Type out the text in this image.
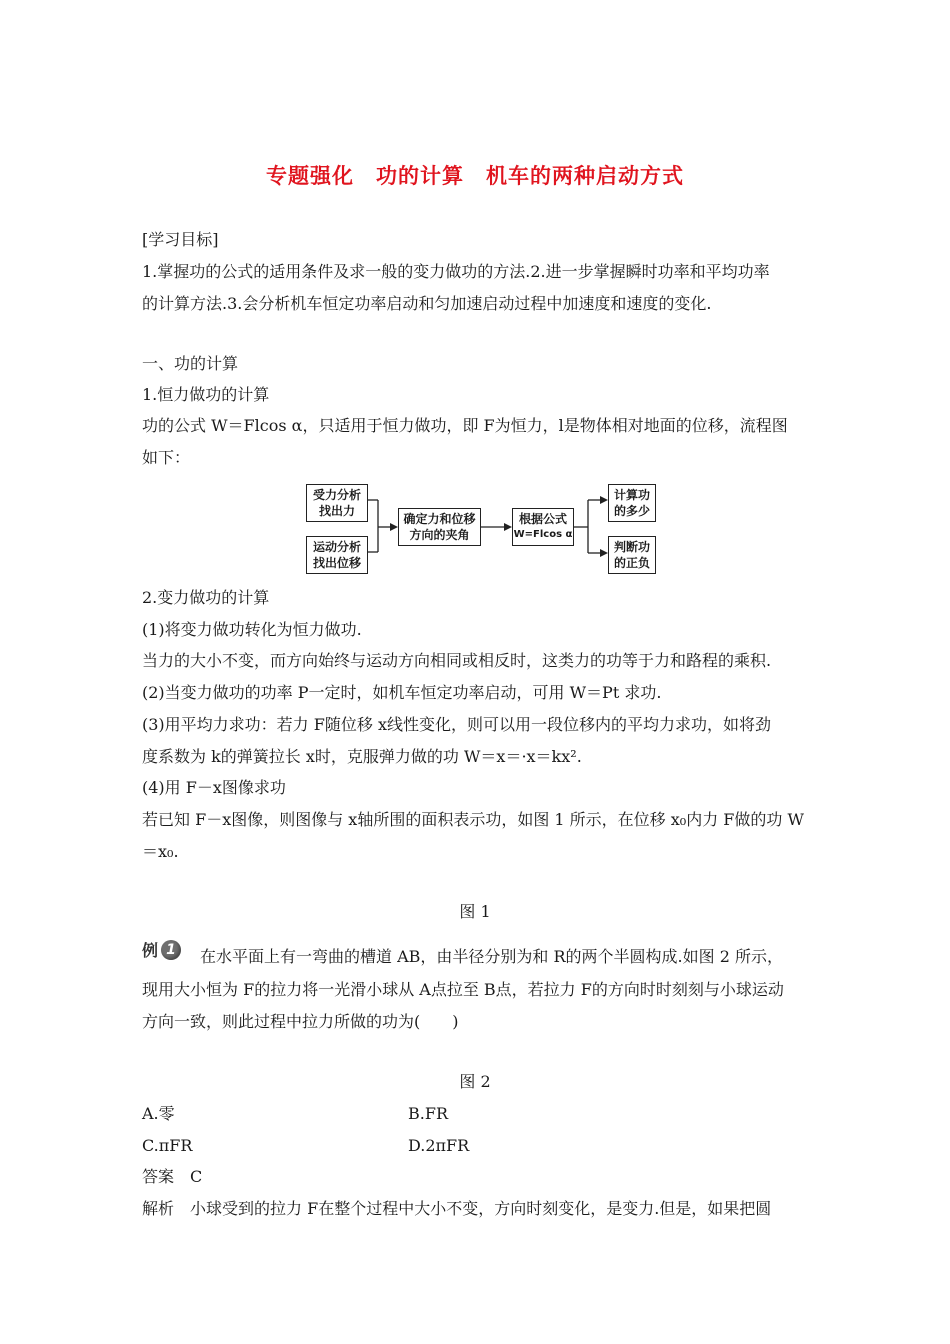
专题强化　功的计算　机车的两种启动方式
[学习目标]
1.掌握功的公式的适用条件及求一般的变力做功的方法.2.进一步掌握瞬时功率和平均功率
的计算方法.3.会分析机车恒定功率启动和匀加速启动过程中加速度和速度的变化.
一、功的计算
1.恒力做功的计算
功的公式 W＝Flcos α，只适用于恒力做功，即 F为恒力，l是物体相对地面的位移，流程图
如下：
受力分析
找出力
运动分析
找出位移
确定力和位移
方向的夹角
根据公式
W=Flcos α
计算功
的多少
判断功
的正负
2.变力做功的计算
(1)将变力做功转化为恒力做功.
当力的大小不变，而方向始终与运动方向相同或相反时，这类力的功等于力和路程的乘积.
(2)当变力做功的功率 P一定时，如机车恒定功率启动，可用 W＝Pt 求功.
(3)用平均力求功：若力 F随位移 x线性变化，则可以用一段位移内的平均力求功，如将劲
度系数为 k的弹簧拉长 x时，克服弹力做的功 W＝x＝·x＝kx².
(4)用 F－x图像求功
若已知 F－x图像，则图像与 x轴所围的面积表示功，如图 1 所示，在位移 x₀内力 F做的功 W
＝x₀.
图 1
例 1	在水平面上有一弯曲的槽道 AB，由半径分别为和 R的两个半圆构成.如图 2 所示，
现用大小恒为 F的拉力将一光滑小球从 A点拉至 B点，若拉力 F的方向时时刻刻与小球运动
方向一致，则此过程中拉力所做的功为(　　)
图 2
A.零	B.FR
C.πFR	D.2πFR
答案　C
解析　小球受到的拉力 F在整个过程中大小不变，方向时刻变化，是变力.但是，如果把圆
